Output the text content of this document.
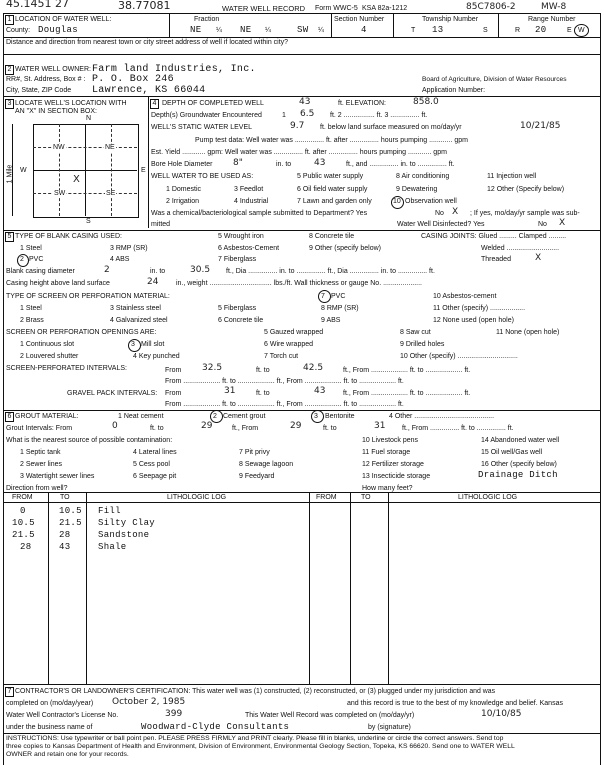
45.1451 27	38.77081	WATER WELL RECORD Form WWC-5 KSA 82a-1212	85C7806-2	MW-8
1 LOCATION OF WATER WELL:	Fraction	Section Number	Township Number	Range Number
County: Douglas	NE ¼ NE ¼	SW ¼	4	T 13	S	R 20	E W
Distance and direction from nearest town or city street address of well if located within city?
2 WATER WELL OWNER: Farm land Industries, Inc.
RR#, St. Address, Box # : P. O. Box 246	Board of Agriculture, Division of Water Resources
City, State, ZIP Code Lawrence, KS 66044	Application Number:
3 LOCATE WELL'S LOCATION WITH
AN "X" IN SECTION BOX:
N
S
W	E
NW	NE
SW	SE
X
1 Mile
4 DEPTH OF COMPLETED WELL	43	ft. ELEVATION:	858.0
Depth(s) Groundwater Encountered	1 6.5 ft. 2 ................ ft. 3 ............... ft.
WELL'S STATIC WATER LEVEL	9.7 ft. below land surface measured on mo/day/yr	10/21/85
Pump test data: Well water was ............... ft. after ............... hours pumping ............ gpm
Est. Yield ............ gpm: Well water was ............... ft. after ............... hours pumping ............ gpm
Bore Hole Diameter 8"	in. to	43	ft., and ............... in. to ............... ft.
WELL WATER TO BE USED AS:	5 Public water supply	8 Air conditioning	11 Injection well
1 Domestic	3 Feedlot	6 Oil field water supply	9 Dewatering	12 Other (Specify below)
2 Irrigation	4 Industrial	7 Lawn and garden only	10 Observation well
Was a chemical/bacteriological sample submitted to Department? Yes	No X ; If yes, mo/day/yr sample was sub-
mitted	Water Well Disinfected? Yes	No X
5 TYPE OF BLANK CASING USED:	5 Wrought iron	8 Concrete tile	CASING JOINTS: Glued ......... Clamped .........
1 Steel	3 RMP (SR)	6 Asbestos-Cement	9 Other (specify below)	Welded ...........................
2 PVC	4 ABS	7 Fiberglass	Threaded	X
Blank casing diameter	2	in. to	30.5 ft., Dia ............... in. to ............... ft., Dia ............... in. to ............... ft.
Casing height above land surface	24	in., weight ................................ lbs./ft. Wall thickness or gauge No. ....................
TYPE OF SCREEN OR PERFORATION MATERIAL:	7 PVC	10 Asbestos-cement
1 Steel	3 Stainless steel	5 Fiberglass	8 RMP (SR)	11 Other (specify) ..................
2 Brass	4 Galvanized steel	6 Concrete tile	9 ABS	12 None used (open hole)
SCREEN OR PERFORATION OPENINGS ARE:	5 Gauzed wrapped	8 Saw cut	11 None (open hole)
1 Continuous slot	3 Mill slot	6 Wire wrapped	9 Drilled holes
2 Louvered shutter	4 Key punched	7 Torch cut	10 Other (specify) ...............................
SCREEN-PERFORATED INTERVALS:	From 32.5	ft. to	42.5	ft., From ................... ft. to ................... ft.
From ................... ft. to ................... ft., From ................... ft. to ................... ft.
GRAVEL PACK INTERVALS: From	31	ft. to	43	ft., From ................... ft. to ................... ft.
From ................... ft. to ................... ft., From ................... ft. to ................... ft.
6 GROUT MATERIAL:	1 Neat cement	2 Cement grout	3 Bentonite	4 Other .........................................
Grout Intervals: From	0	ft. to	29	ft., From	29	ft. to	31 ft., From ............... ft. to ............... ft.
What is the nearest source of possible contamination:	10 Livestock pens	14 Abandoned water well
1 Septic tank	4 Lateral lines	7 Pit privy	11 Fuel storage	15 Oil well/Gas well
2 Sewer lines	5 Cess pool	8 Sewage lagoon	12 Fertilizer storage	16 Other (specify below)
3 Watertight sewer lines	6 Seepage pit	9 Feedyard	13 Insecticide storage	Drainage Ditch
Direction from well?	How many feet?
FROM	TO	LITHOLOGIC LOG	FROM	TO	LITHOLOGIC LOG
0	10.5 Fill
10.5	21.5 Silty Clay
21.5	28	Sandstone
28	43	Shale
7 CONTRACTOR'S OR LANDOWNER'S CERTIFICATION: This water well was (1) constructed, (2) reconstructed, or (3) plugged under my jurisdiction and was
completed on (mo/day/year) October 2, 1985	and this record is true to the best of my knowledge and belief. Kansas
Water Well Contractor's License No.	399	This Water Well Record was completed on (mo/day/yr)	10/10/85
under the business name of	Woodward-Clyde Consultants	by (signature)
INSTRUCTIONS: Use typewriter or ball point pen. PLEASE PRESS FIRMLY and PRINT clearly. Please fill in blanks, underline or circle the correct answers. Send top
three copies to Kansas Department of Health and Environment, Division of Environment, Environmental Geology Section, Topeka, KS 66620. Send one to WATER WELL
OWNER and retain one for your records.
